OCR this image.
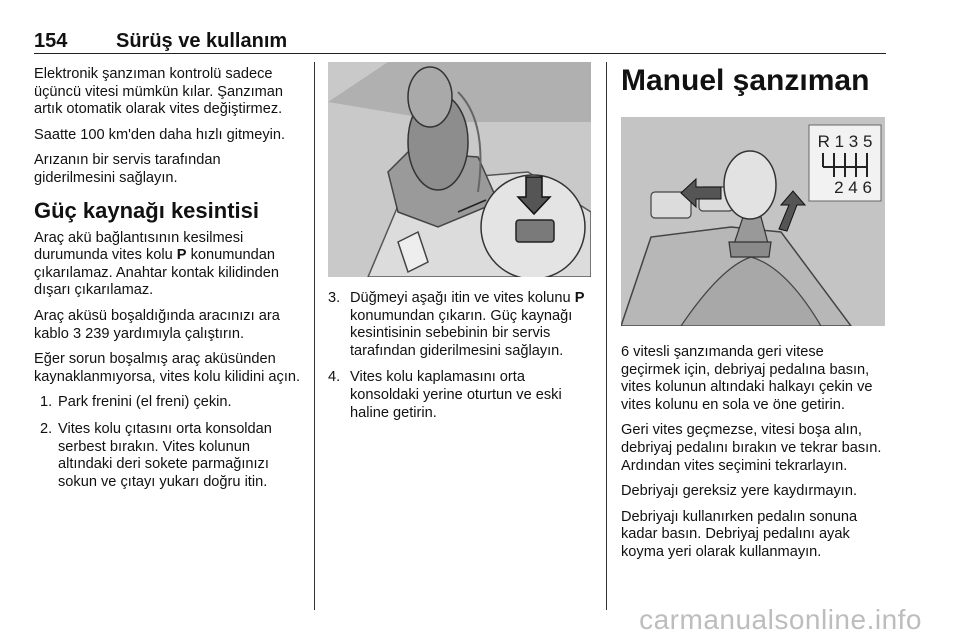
154 Sürüş ve kullanım

Elektronik şanzıman kontrolü sadece üçüncü vitesi mümkün kılar. Şanzıman artık otomatik olarak vites değiştirmez.

Saatte 100 km'den daha hızlı gitmeyin.

Arızanın bir servis tarafından giderilmesini sağlayın.

Güç kaynağı kesintisi

Araç akü bağlantısının kesilmesi durumunda vites kolu P konumundan çıkarılamaz. Anahtar kontak kilidinden dışarı çıkarılamaz.

Araç aküsü boşaldığında aracınızı ara kablo 3 239 yardımıyla çalıştırın.

Eğer sorun boşalmış araç aküsünden kaynaklanmıyorsa, vites kolu kilidini açın.

1. Park frenini (el freni) çekin.
2. Vites kolu çıtasını orta konsoldan serbest bırakın. Vites kolunun altındaki deri sokete parmağınızı sokun ve çıtayı yukarı doğru itin.
3. Düğmeyi aşağı itin ve vites kolunu P konumundan çıkarın. Güç kaynağı kesintisinin sebebinin bir servis tarafından giderilmesini sağlayın.
4. Vites kolu kaplamasını orta konsoldaki yerine oturtun ve eski haline getirin.
Manuel şanzıman
R 1 3 5
2 4 6

6 vitesli şanzımanda geri vitese geçirmek için, debriyaj pedalına basın, vites kolunun altındaki halkayı çekin ve vites kolunu en sola ve öne getirin.

Geri vites geçmezse, vitesi boşa alın, debriyaj pedalını bırakın ve tekrar basın. Ardından vites seçimini tekrarlayın.

Debriyajı gereksiz yere kaydırmayın.

Debriyajı kullanırken pedalın sonuna kadar basın. Debriyaj pedalını ayak koyma yeri olarak kullanmayın.

carmanualsonline.info
